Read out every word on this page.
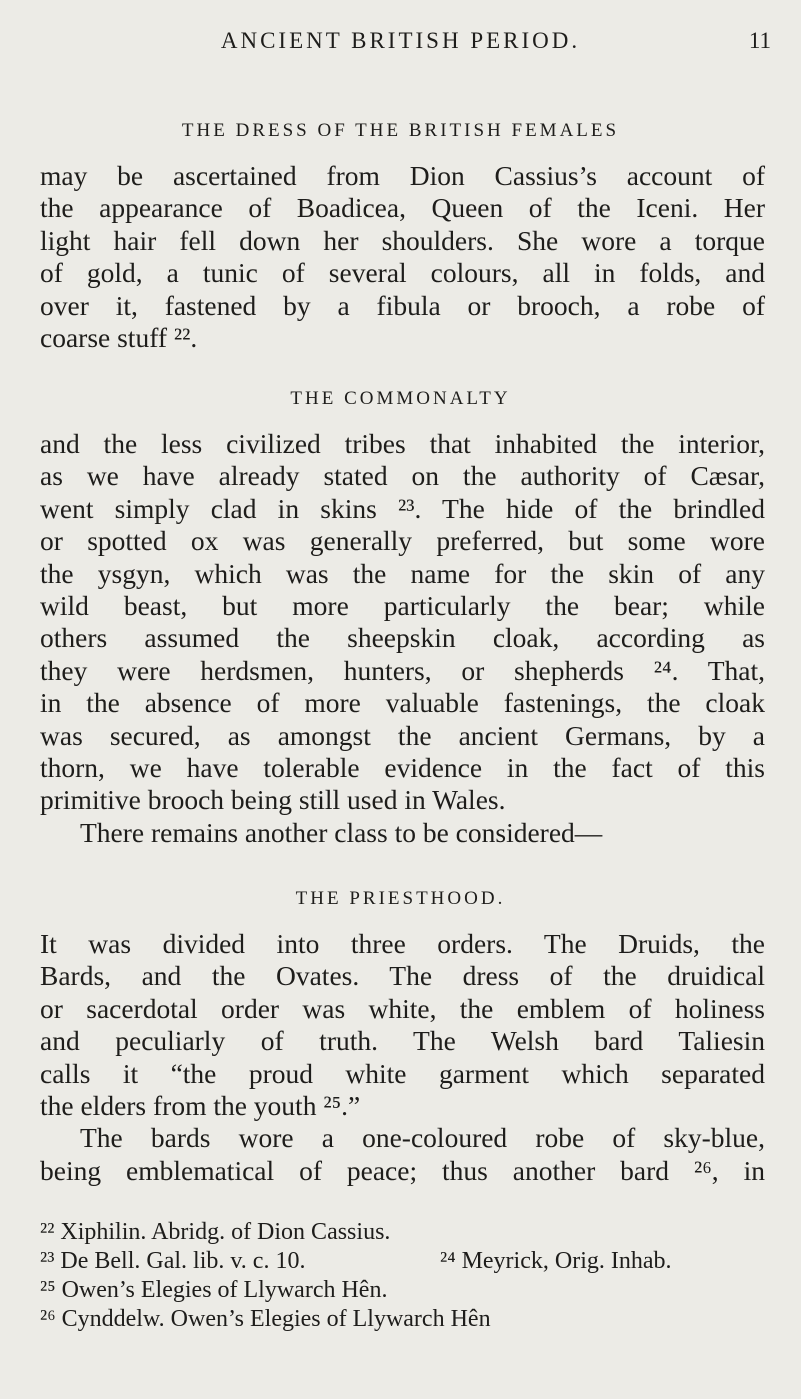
ANCIENT BRITISH PERIOD.	11
THE DRESS OF THE BRITISH FEMALES
may be ascertained from Dion Cassius’s account of
the appearance of Boadicea, Queen of the Iceni. Her
light hair fell down her shoulders. She wore a torque
of gold, a tunic of several colours, all in folds, and
over it, fastened by a fibula or brooch, a robe of
coarse stuff ²².
THE COMMONALTY
and the less civilized tribes that inhabited the interior,
as we have already stated on the authority of Cæsar,
went simply clad in skins ²³. The hide of the brindled
or spotted ox was generally preferred, but some wore
the ysgyn, which was the name for the skin of any
wild beast, but more particularly the bear; while
others assumed the sheepskin cloak, according as
they were herdsmen, hunters, or shepherds ²⁴. That,
in the absence of more valuable fastenings, the cloak
was secured, as amongst the ancient Germans, by a
thorn, we have tolerable evidence in the fact of this
primitive brooch being still used in Wales.
There remains another class to be considered—
THE PRIESTHOOD.
It was divided into three orders. The Druids, the
Bards, and the Ovates. The dress of the druidical
or sacerdotal order was white, the emblem of holiness
and peculiarly of truth. The Welsh bard Taliesin
calls it “the proud white garment which separated
the elders from the youth ²⁵.”
The bards wore a one-coloured robe of sky-blue,
being emblematical of peace; thus another bard ²⁶, in
²² Xiphilin. Abridg. of Dion Cassius.
²³ De Bell. Gal. lib. v. c. 10.	²⁴ Meyrick, Orig. Inhab.
²⁵ Owen’s Elegies of Llywarch Hên.
²⁶ Cynddelw. Owen’s Elegies of Llywarch Hên
